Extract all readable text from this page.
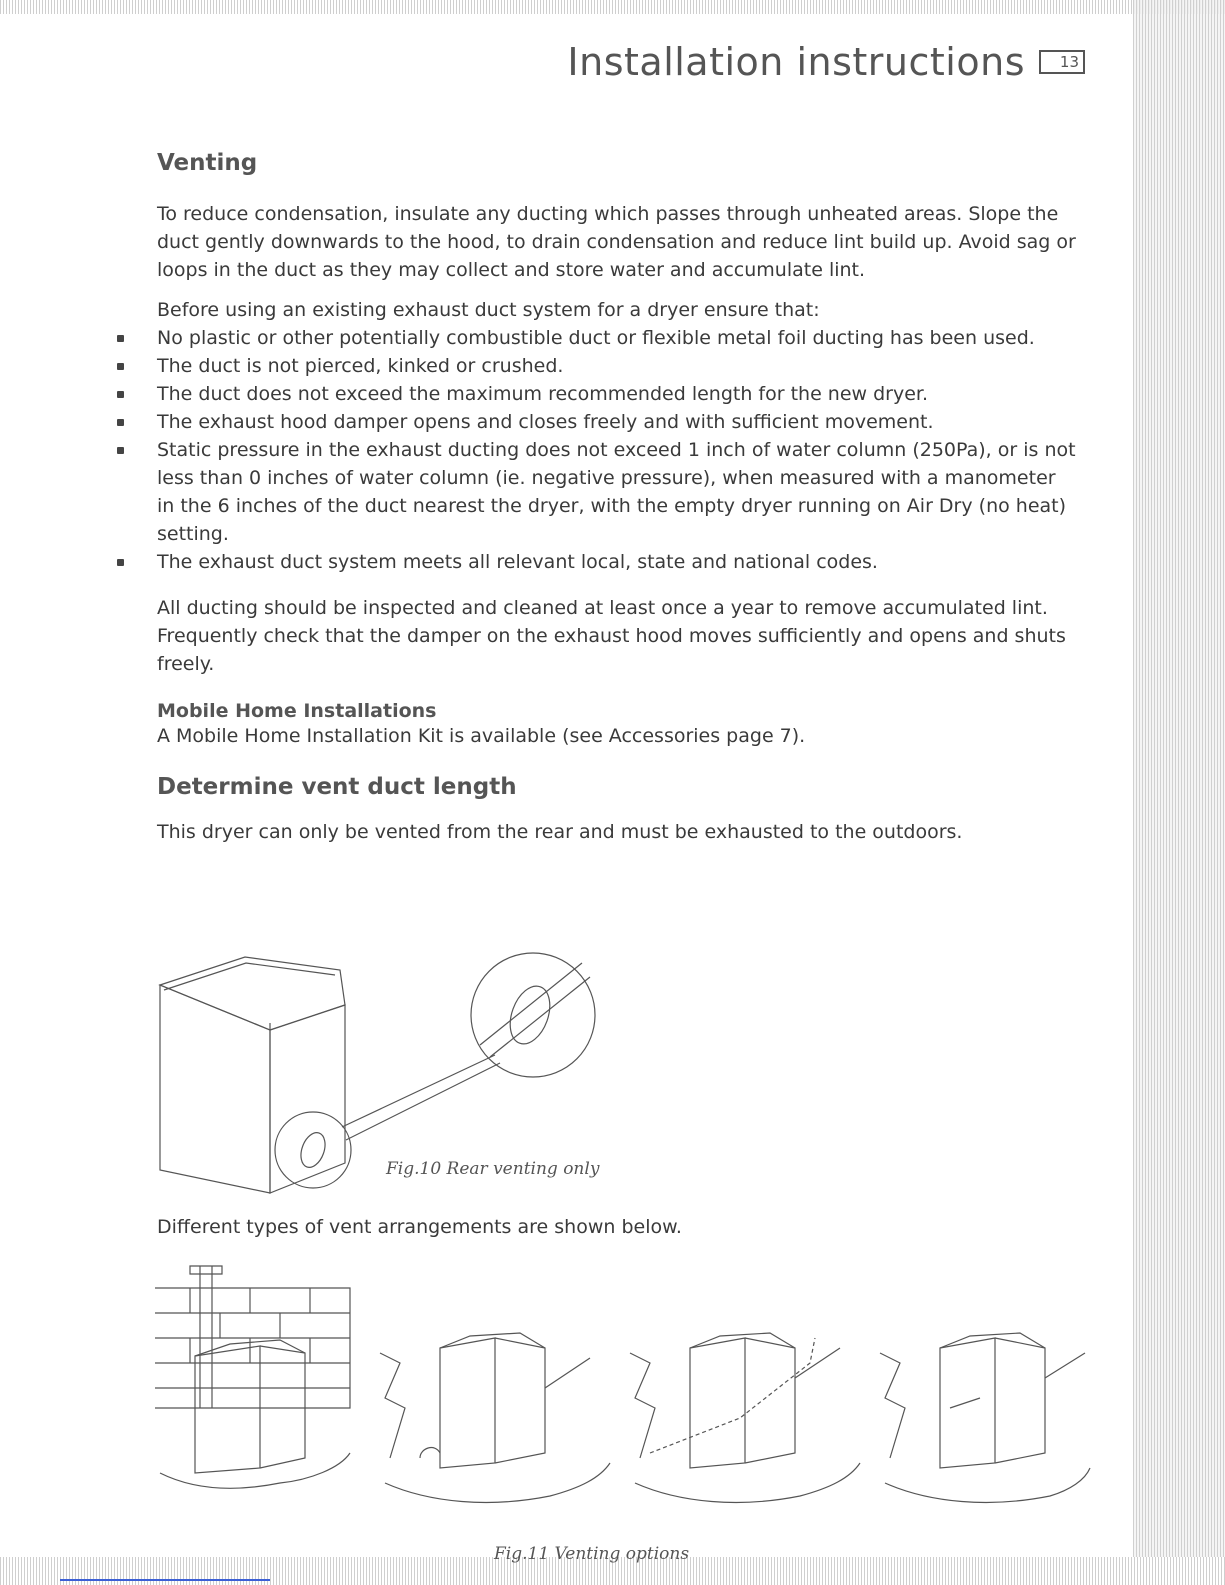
Installation instructions	13
Venting

To reduce condensation, insulate any ducting which passes through unheated areas. Slope the duct gently downwards to the hood, to drain condensation and reduce lint build up. Avoid sag or loops in the duct as they may collect and store water and accumulate lint.

Before using an existing exhaust duct system for a dryer ensure that:

No plastic or other potentially combustible duct or flexible metal foil ducting has been used.
The duct is not pierced, kinked or crushed.
The duct does not exceed the maximum recommended length for the new dryer.
The exhaust hood damper opens and closes freely and with sufficient movement.
Static pressure in the exhaust ducting does not exceed 1 inch of water column (250Pa), or is not less than 0 inches of water column (ie. negative pressure), when measured with a manometer in the 6 inches of the duct nearest the dryer, with the empty dryer running on Air Dry (no heat) setting.
The exhaust duct system meets all relevant local, state and national codes.

All ducting should be inspected and cleaned at least once a year to remove accumulated lint. Frequently check that the damper on the exhaust hood moves sufficiently and opens and shuts freely.

Mobile Home Installations

A Mobile Home Installation Kit is available (see Accessories page 7).

Determine vent duct length

This dryer can only be vented from the rear and must be exhausted to the outdoors.

Fig.10 Rear venting only

Different types of vent arrangements are shown below.

Fig.11 Venting options
